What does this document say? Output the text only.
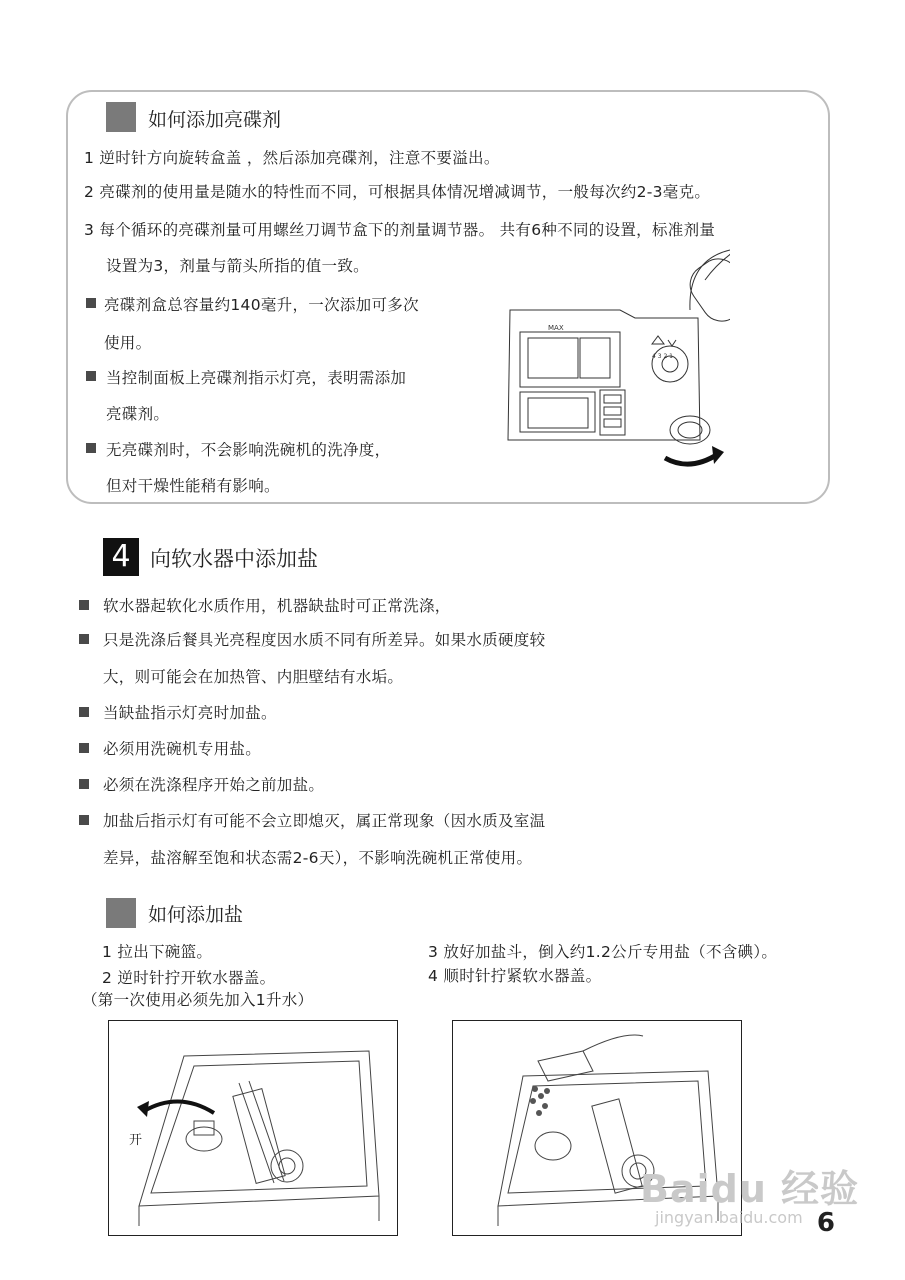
如何添加亮碟剂
1 逆时针方向旋转盒盖 ，然后添加亮碟剂，注意不要溢出。
2 亮碟剂的使用量是随水的特性而不同，可根据具体情况增减调节，一般每次约2-3毫克。
3 每个循环的亮碟剂量可用螺丝刀调节盒下的剂量调节器。 共有6种不同的设置，标准剂量
设置为3，剂量与箭头所指的值一致。
亮碟剂盒总容量约140毫升，一次添加可多次
使用。
当控制面板上亮碟剂指示灯亮，表明需添加
亮碟剂。
无亮碟剂时，不会影响洗碗机的洗净度，
但对干燥性能稍有影响。
MAX
4 3 2 1
4 向软水器中添加盐
软水器起软化水质作用，机器缺盐时可正常洗涤，
只是洗涤后餐具光亮程度因水质不同有所差异。如果水质硬度较
大，则可能会在加热管、内胆壁结有水垢。
当缺盐指示灯亮时加盐。
必须用洗碗机专用盐。
必须在洗涤程序开始之前加盐。
加盐后指示灯有可能不会立即熄灭，属正常现象（因水质及室温
差异，盐溶解至饱和状态需2-6天），不影响洗碗机正常使用。
如何添加盐
1 拉出下碗篮。
2 逆时针拧开软水器盖。
（第一次使用必须先加入1升水）
3 放好加盐斗，倒入约1.2公斤专用盐（不含碘）。
4 顺时针拧紧软水器盖。
开
Baidu 经验
jingyan.baidu.com 6
